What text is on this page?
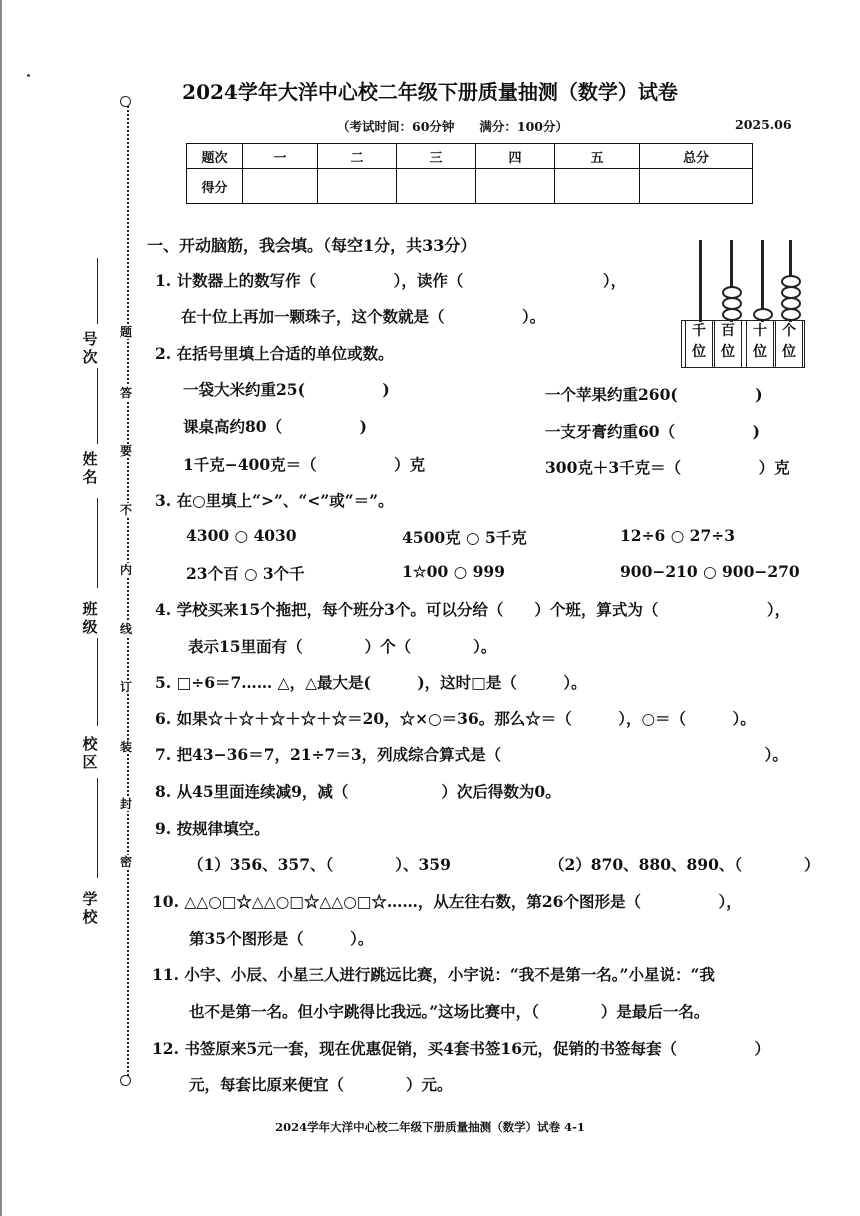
2024学年大洋中心校二年级下册质量抽测（数学）试卷
（考试时间：60分钟　　满分：100分）	2025.06
题次	一	二	三	四	五	总分
得分						
题
答
要
不
内
线
订
装
封
密
号
次
姓
名
班
级
校
区
学
校
一、开动脑筋，我会填。（每空1分，共33分）
1. 计数器上的数写作（　　　　　），读作（　　　　　　　　　），
在十位上再加一颗珠子，这个数就是（　　　　　）。
2. 在括号里填上合适的单位或数。
一袋大米约重25(　　　　　)	一个苹果约重260(　　　　　)
课桌高约80（　　　　　)	一支牙膏约重60（　　　　　)
1千克−400克＝（　　　　　）克	300克＋3千克＝（　　　　　）克
3. 在○里填上“>”、“<”或“＝”。
4300 ○ 4030	4500克 ○ 5千克	12÷6 ○ 27÷3
23个百 ○ 3个千	1☆00 ○ 999	900−210 ○ 900−270
4. 学校买来15个拖把，每个班分3个。可以分给（　　）个班，算式为（　　　　　　　），
表示15里面有（　　　　）个（　　　　）。
5. □÷6＝7…… △，△最大是(　　　)，这时□是（　　　）。
6. 如果☆＋☆＋☆＋☆＋☆＝20，☆×○＝36。那么☆＝（　　　），○＝（　　　）。
7. 把43−36＝7，21÷7＝3，列成综合算式是（　　　　　　　　　　　　　　　　　）。
8. 从45里面连续减9，减（　　　　　　）次后得数为0。
9. 按规律填空。
（1）356、357、（　　　　）、359	（2）870、880、890、（　　　　）
10. △△○□☆△△○□☆△△○□☆……，从左往右数，第26个图形是（　　　　　），
第35个图形是（　　　）。
11. 小宇、小辰、小星三人进行跳远比赛，小宇说：“我不是第一名。”小星说：“我
也不是第一名。但小宇跳得比我远。”这场比赛中，（　　　　）是最后一名。
12. 书签原来5元一套，现在优惠促销，买4套书签16元，促销的书签每套（　　　　　）
元，每套比原来便宜（　　　　）元。
千位
百位
十位
个位
2024学年大洋中心校二年级下册质量抽测（数学）试卷 4-1
